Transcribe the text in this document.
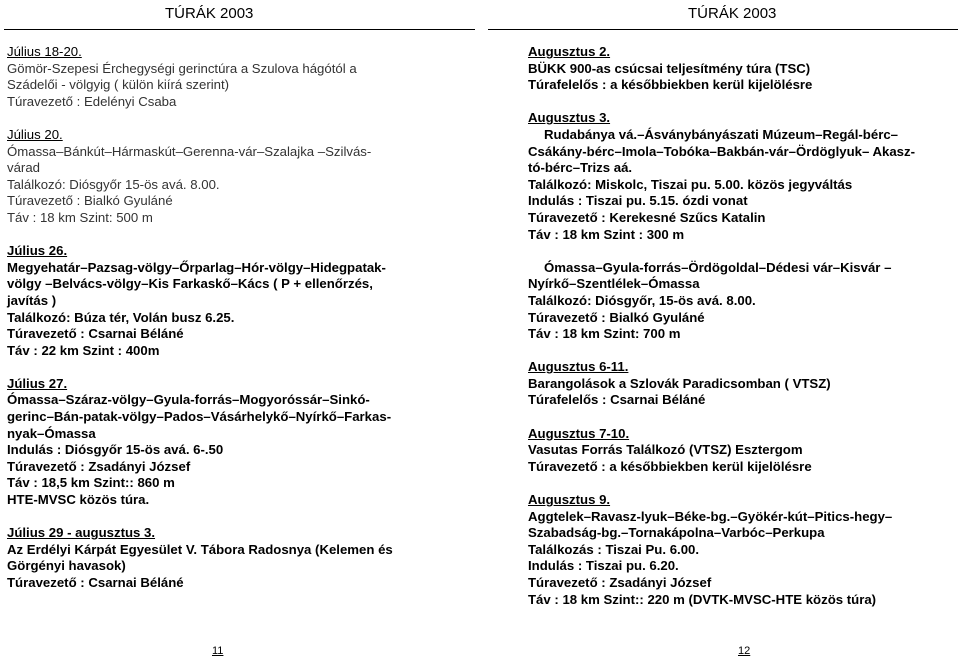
TÚRÁK 2003
Július 18-20.
Gömör-Szepesi Érchegységi gerinctúra a Szulova hágótól a
Szádelői - völgyig ( külön kiírá szerint)
Túravezető : Edelényi Csaba
Július 20.
Ómassa–Bánkút–Hármaskút–Gerenna-vár–Szalajka –Szilvás-
várad
Találkozó: Diósgyőr 15-ös avá. 8.00.
Túravezető : Bialkó Gyuláné
Táv : 18 km Szint: 500 m
Július 26.
Megyehatár–Pazsag-völgy–Őrparlag–Hór-völgy–Hidegpatak-
völgy –Belvács-völgy–Kis Farkaskő–Kács ( P + ellenőrzés,
javítás )
Találkozó: Búza tér, Volán busz 6.25.
Túravezető : Csarnai Béláné
Táv : 22 km Szint : 400m
Július 27.
Ómassa–Száraz-völgy–Gyula-forrás–Mogyoróssár–Sinkó-
gerinc–Bán-patak-völgy–Pados–Vásárhelykő–Nyírkő–Farkas-
nyak–Ómassa
Indulás : Diósgyőr 15-ös avá. 6-.50
Túravezető : Zsadányi József
Táv : 18,5 km Szint:: 860 m
HTE-MVSC közös túra.
Július 29 - augusztus 3.
Az Erdélyi Kárpát Egyesület V. Tábora Radosnya (Kelemen és
Görgényi havasok)
Túravezető : Csarnai Béláné
11
TÚRÁK 2003
Augusztus 2.
BÜKK 900-as csúcsai teljesítmény túra (TSC)
Túrafelelős : a későbbiekben kerül kijelölésre
Augusztus 3.
Rudabánya vá.–Ásványbányászati Múzeum–Regál-bérc–
Csákány-bérc–Imola–Tobóka–Bakbán-vár–Ördöglyuk– Akasz-
tó-bérc–Trizs aá.
Találkozó: Miskolc, Tiszai pu. 5.00. közös jegyváltás
Indulás : Tiszai pu. 5.15. ózdi vonat
Túravezető : Kerekesné Szűcs Katalin
Táv : 18 km Szint : 300 m

Ómassa–Gyula-forrás–Ördögoldal–Dédesi vár–Kisvár –
Nyírkő–Szentlélek–Ómassa
Találkozó: Diósgyőr, 15-ös avá. 8.00.
Túravezető : Bialkó Gyuláné
Táv : 18 km Szint: 700 m
Augusztus 6-11.
Barangolások a Szlovák Paradicsomban ( VTSZ)
Túrafelelős : Csarnai Béláné
Augusztus 7-10.
Vasutas Forrás Találkozó (VTSZ) Esztergom
Túravezető : a későbbiekben kerül kijelölésre
Augusztus 9.
Aggtelek–Ravasz-lyuk–Béke-bg.–Gyökér-kút–Pitics-hegy–
Szabadság-bg.–Tornakápolna–Varbóc–Perkupa
Találkozás : Tiszai Pu. 6.00.
Indulás : Tiszai pu. 6.20.
Túravezető : Zsadányi József
Táv : 18 km Szint:: 220 m (DVTK-MVSC-HTE közös túra)
12
